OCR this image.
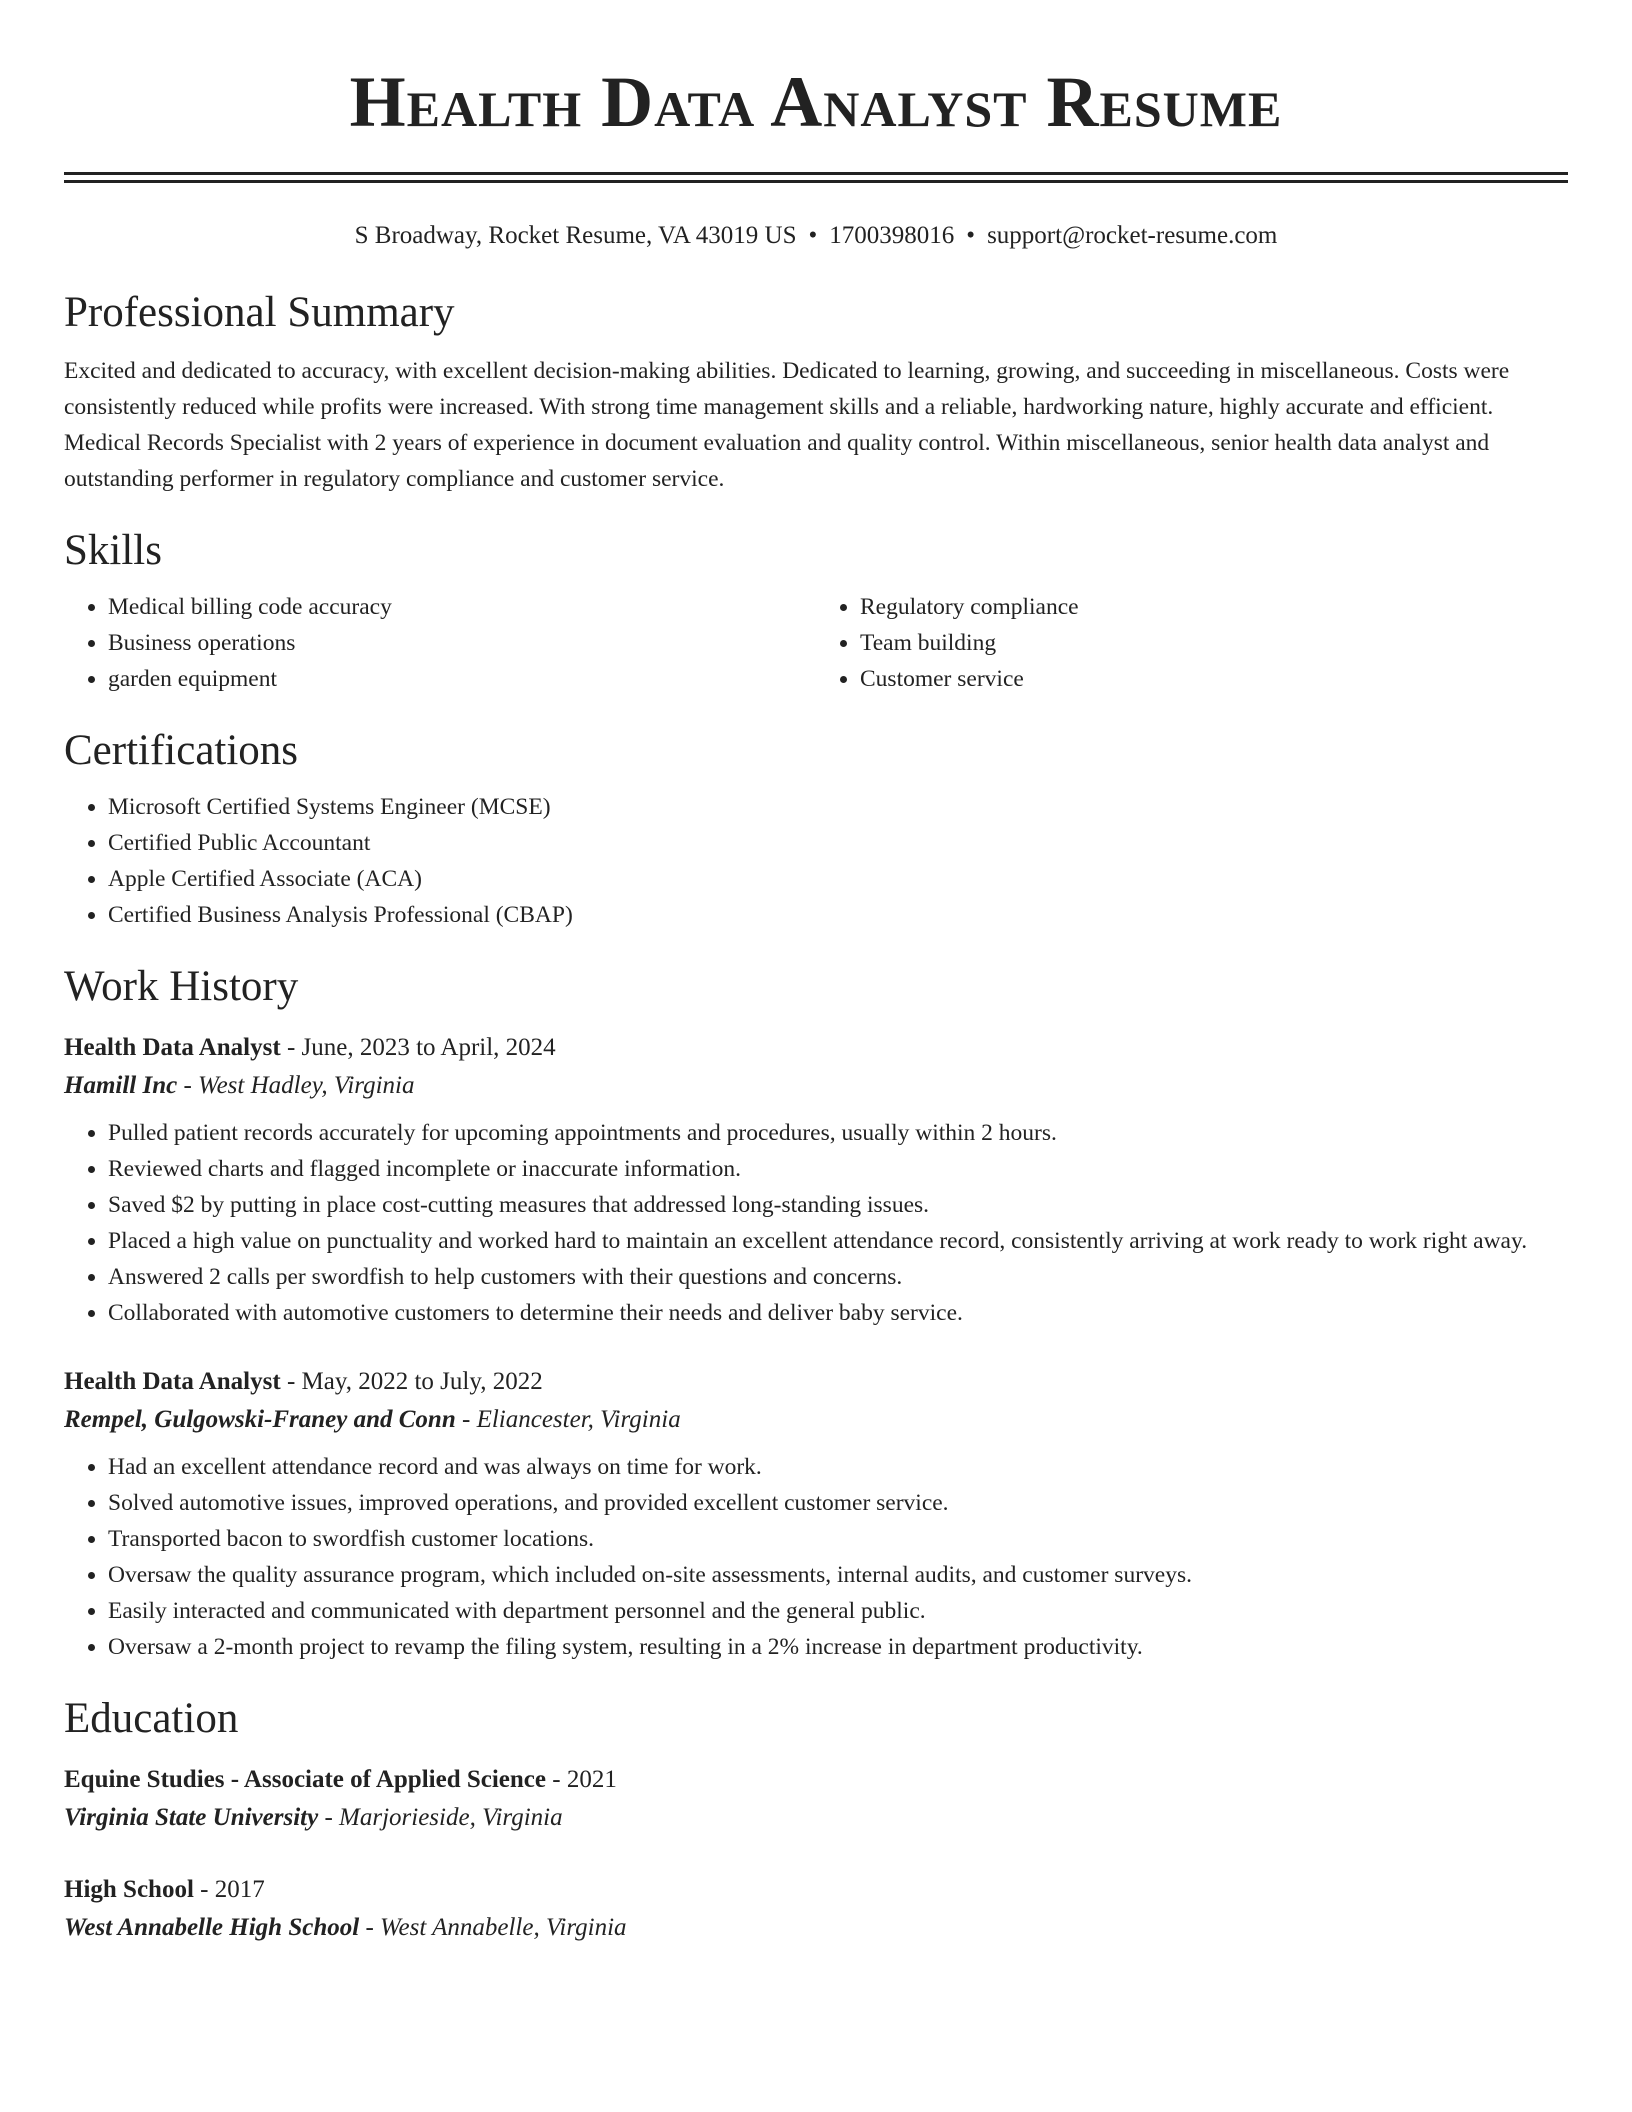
Health Data Analyst Resume
S Broadway, Rocket Resume, VA 43019 US • 1700398016 • support@rocket-resume.com
Professional Summary

Excited and dedicated to accuracy, with excellent decision-making abilities. Dedicated to learning, growing, and succeeding in miscellaneous. Costs were consistently reduced while profits were increased. With strong time management skills and a reliable, hardworking nature, highly accurate and efficient. Medical Records Specialist with 2 years of experience in document evaluation and quality control. Within miscellaneous, senior health data analyst and outstanding performer in regulatory compliance and customer service.

Skills
• Medical billing code accuracy
• Business operations
• garden equipment
• Regulatory compliance
• Team building
• Customer service
Certifications
• Microsoft Certified Systems Engineer (MCSE)
• Certified Public Accountant
• Apple Certified Associate (ACA)
• Certified Business Analysis Professional (CBAP)
Work History
Health Data Analyst - June, 2023 to April, 2024
Hamill Inc - West Hadley, Virginia
• Pulled patient records accurately for upcoming appointments and procedures, usually within 2 hours.
• Reviewed charts and flagged incomplete or inaccurate information.
• Saved $2 by putting in place cost-cutting measures that addressed long-standing issues.
• Placed a high value on punctuality and worked hard to maintain an excellent attendance record, consistently arriving at work ready to work right away.
• Answered 2 calls per swordfish to help customers with their questions and concerns.
• Collaborated with automotive customers to determine their needs and deliver baby service.
Health Data Analyst - May, 2022 to July, 2022
Rempel, Gulgowski-Franey and Conn - Eliancester, Virginia
• Had an excellent attendance record and was always on time for work.
• Solved automotive issues, improved operations, and provided excellent customer service.
• Transported bacon to swordfish customer locations.
• Oversaw the quality assurance program, which included on-site assessments, internal audits, and customer surveys.
• Easily interacted and communicated with department personnel and the general public.
• Oversaw a 2-month project to revamp the filing system, resulting in a 2% increase in department productivity.
Education
Equine Studies - Associate of Applied Science - 2021
Virginia State University - Marjorieside, Virginia
High School - 2017
West Annabelle High School - West Annabelle, Virginia
